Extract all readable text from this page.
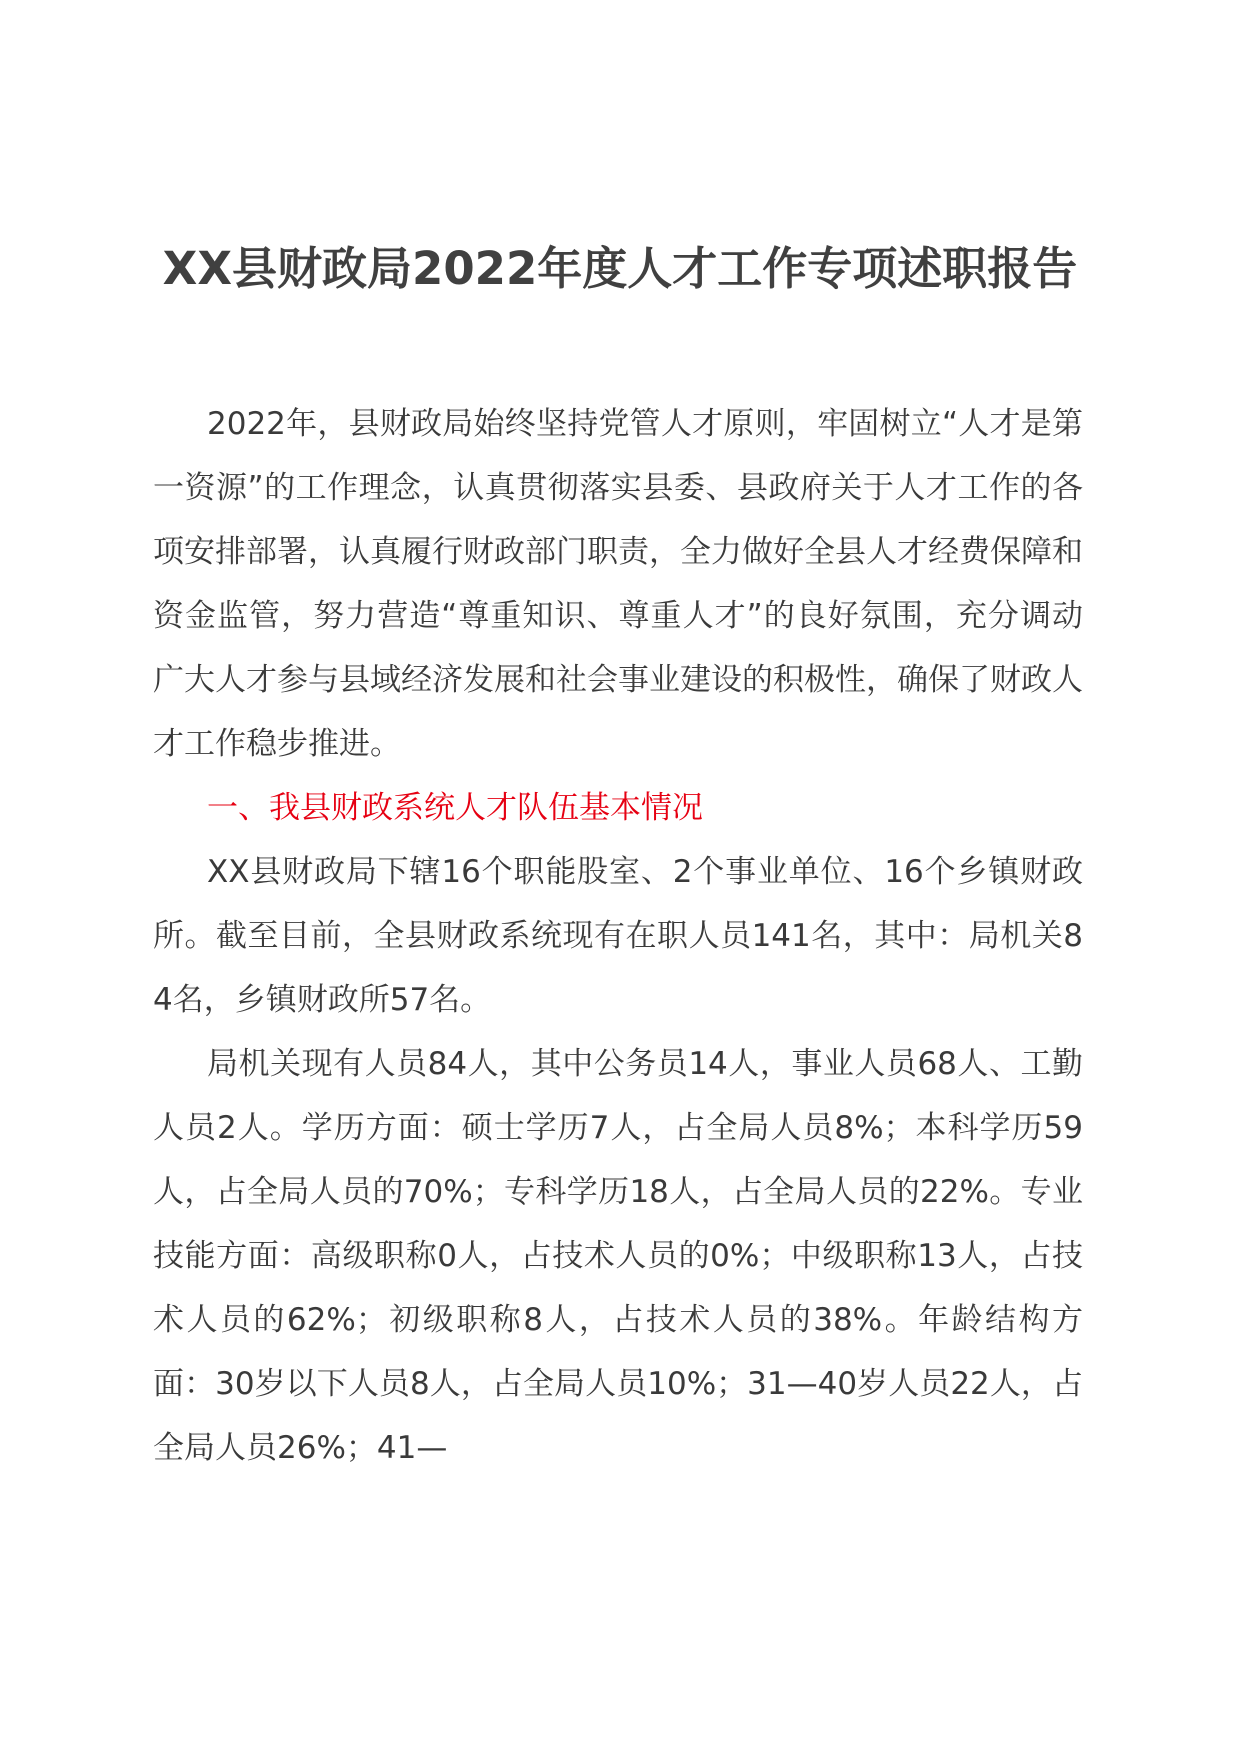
XX县财政局2022年度人才工作专项述职报告

2022年，县财政局始终坚持党管人才原则，牢固树立“人才是第一资源”的工作理念，认真贯彻落实县委、县政府关于人才工作的各项安排部署，认真履行财政部门职责，全力做好全县人才经费保障和资金监管，努力营造“尊重知识、尊重人才”的良好氛围，充分调动广大人才参与县域经济发展和社会事业建设的积极性，确保了财政人才工作稳步推进。

一、我县财政系统人才队伍基本情况

XX县财政局下辖16个职能股室、2个事业单位、16个乡镇财政所。截至目前，全县财政系统现有在职人员141名，其中：局机关84名，乡镇财政所57名。

局机关现有人员84人，其中公务员14人，事业人员68人、工勤人员2人。学历方面：硕士学历7人，占全局人员8%；本科学历59人，占全局人员的70%；专科学历18人，占全局人员的22%。专业技能方面：高级职称0人，占技术人员的0%；中级职称13人，占技术人员的62%；初级职称8人，占技术人员的38%。年龄结构方面：30岁以下人员8人，占全局人员10%；31—40岁人员22人，占全局人员26%；41—
